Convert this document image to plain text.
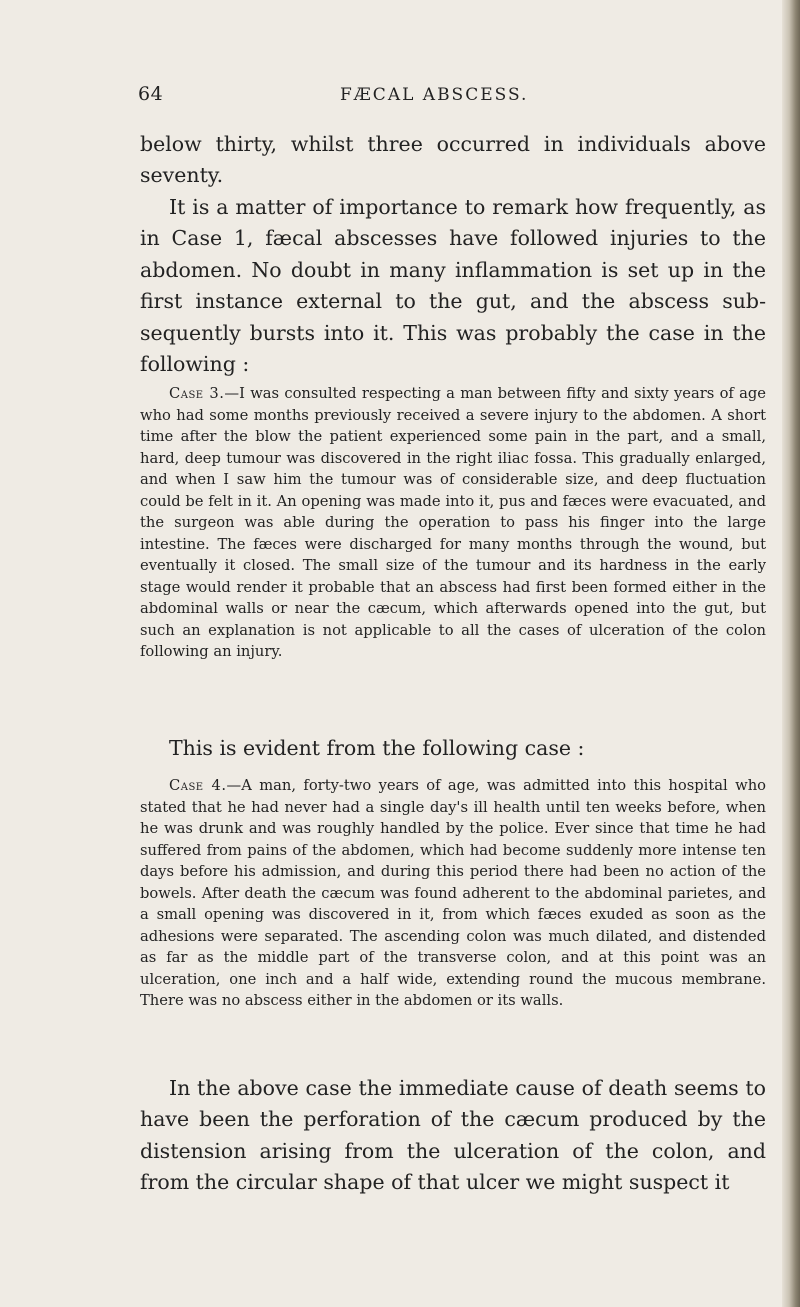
64	FÆCAL ABSCESS.

below thirty, whilst three occurred in individuals above seventy.

It is a matter of importance to remark how frequently, as in Case 1, fæcal abscesses have followed injuries to the abdomen. No doubt in many inflammation is set up in the first instance external to the gut, and the abscess subsequently bursts into it. This was probably the case in the following :

Case 3.—I was consulted respecting a man between fifty and sixty years of age who had some months previously received a severe injury to the abdomen. A short time after the blow the patient experienced some pain in the part, and a small, hard, deep tumour was discovered in the right iliac fossa. This gradually enlarged, and when I saw him the tumour was of considerable size, and deep fluctuation could be felt in it. An opening was made into it, pus and fæces were evacuated, and the surgeon was able during the operation to pass his finger into the large intestine. The fæces were discharged for many months through the wound, but eventually it closed. The small size of the tumour and its hardness in the early stage would render it probable that an abscess had first been formed either in the abdominal walls or near the cæcum, which afterwards opened into the gut, but such an explanation is not applicable to all the cases of ulceration of the colon following an injury.

This is evident from the following case :

Case 4.—A man, forty-two years of age, was admitted into this hospital who stated that he had never had a single day's ill health until ten weeks before, when he was drunk and was roughly handled by the police. Ever since that time he had suffered from pains of the abdomen, which had become suddenly more intense ten days before his admission, and during this period there had been no action of the bowels. After death the cæcum was found adherent to the abdominal parietes, and a small opening was discovered in it, from which fæces exuded as soon as the adhesions were separated. The ascending colon was much dilated, and distended as far as the middle part of the transverse colon, and at this point was an ulceration, one inch and a half wide, extending round the mucous membrane. There was no abscess either in the abdomen or its walls.

In the above case the immediate cause of death seems to have been the perforation of the cæcum produced by the distension arising from the ulceration of the colon, and from the circular shape of that ulcer we might suspect it
